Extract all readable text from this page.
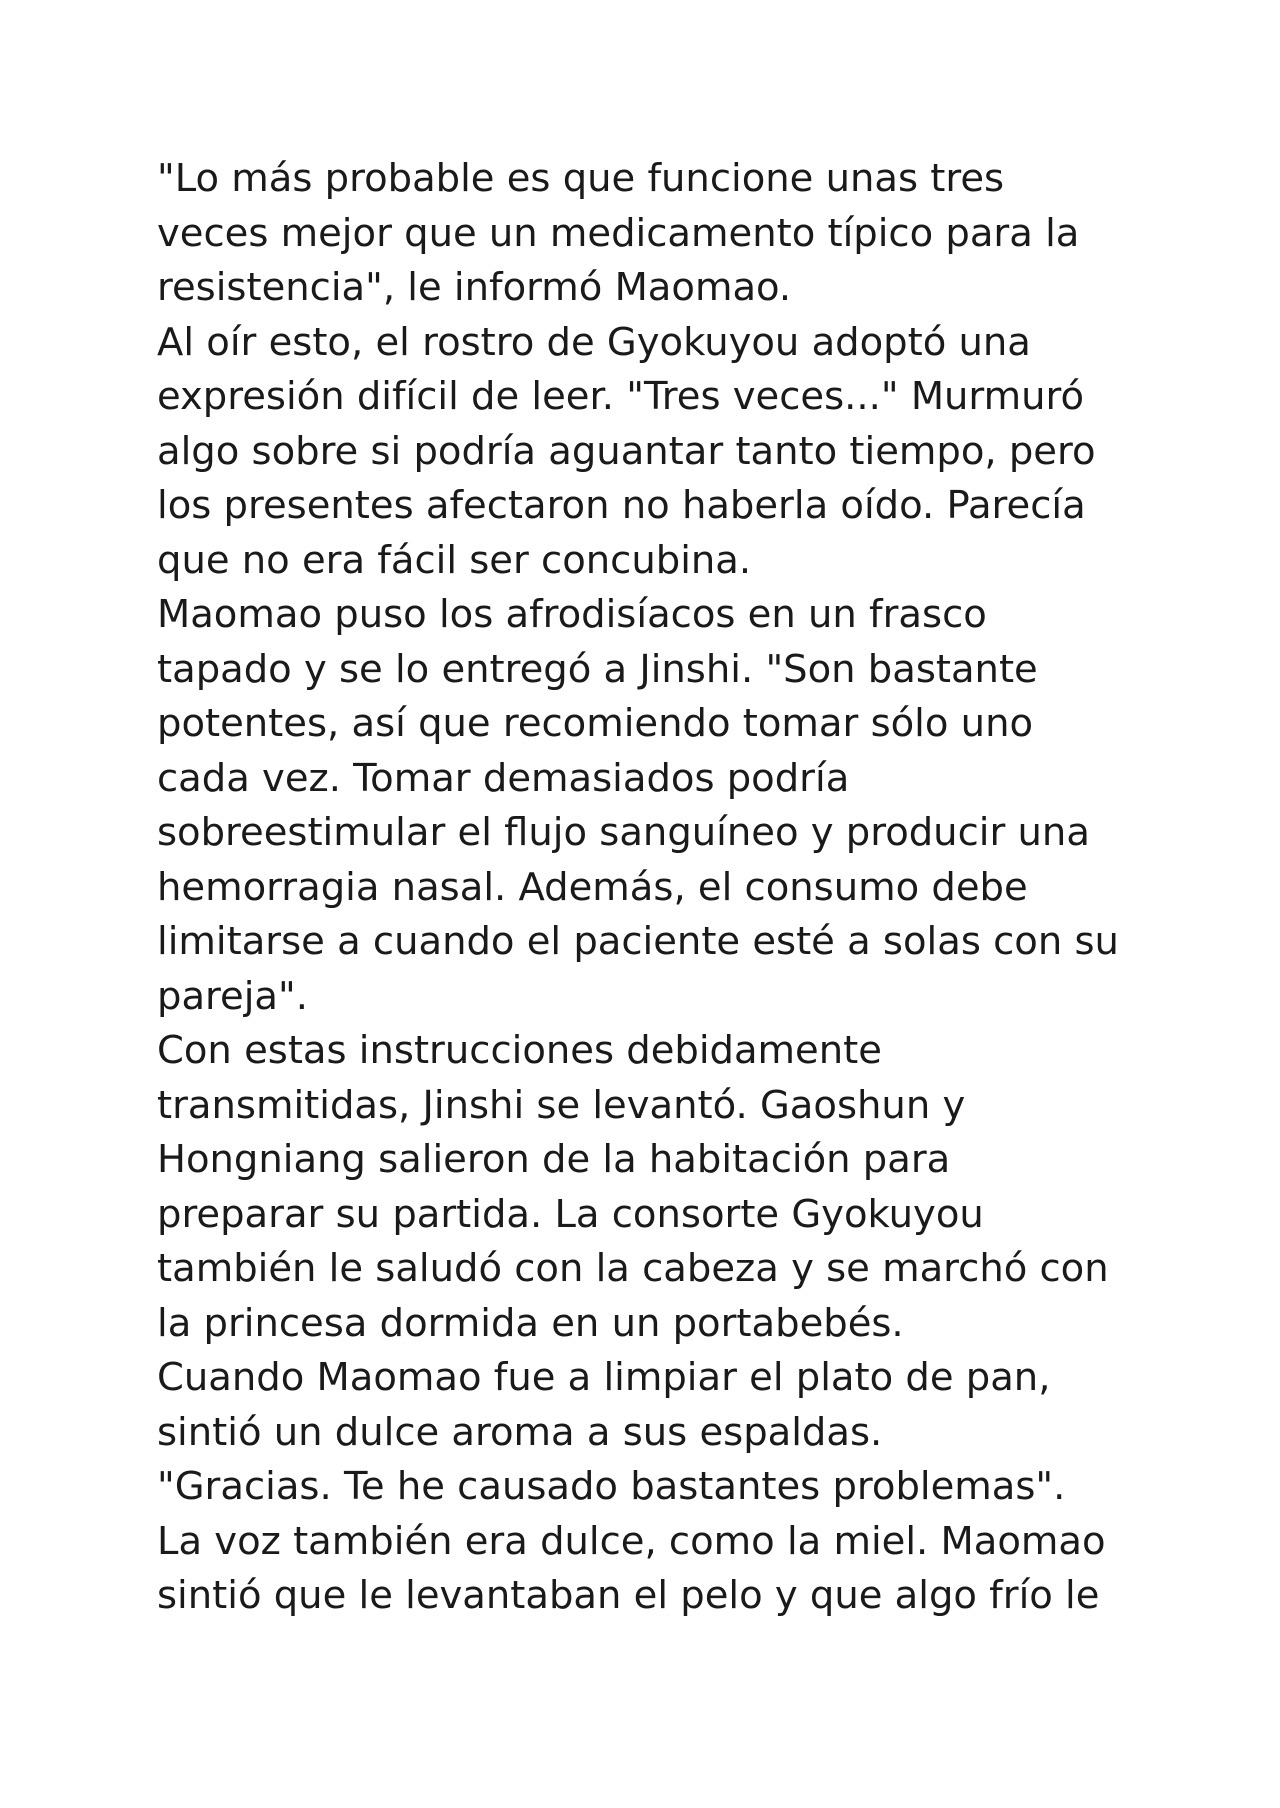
"Lo más probable es que funcione unas tres
veces mejor que un medicamento típico para la
resistencia", le informó Maomao.
Al oír esto, el rostro de Gyokuyou adoptó una
expresión difícil de leer. "Tres veces..." Murmuró
algo sobre si podría aguantar tanto tiempo, pero
los presentes afectaron no haberla oído. Parecía
que no era fácil ser concubina.
Maomao puso los afrodisíacos en un frasco
tapado y se lo entregó a Jinshi. "Son bastante
potentes, así que recomiendo tomar sólo uno
cada vez. Tomar demasiados podría
sobreestimular el flujo sanguíneo y producir una
hemorragia nasal. Además, el consumo debe
limitarse a cuando el paciente esté a solas con su
pareja".
Con estas instrucciones debidamente
transmitidas, Jinshi se levantó. Gaoshun y
Hongniang salieron de la habitación para
preparar su partida. La consorte Gyokuyou
también le saludó con la cabeza y se marchó con
la princesa dormida en un portabebés.
Cuando Maomao fue a limpiar el plato de pan,
sintió un dulce aroma a sus espaldas.
"Gracias. Te he causado bastantes problemas".
La voz también era dulce, como la miel. Maomao
sintió que le levantaban el pelo y que algo frío le
